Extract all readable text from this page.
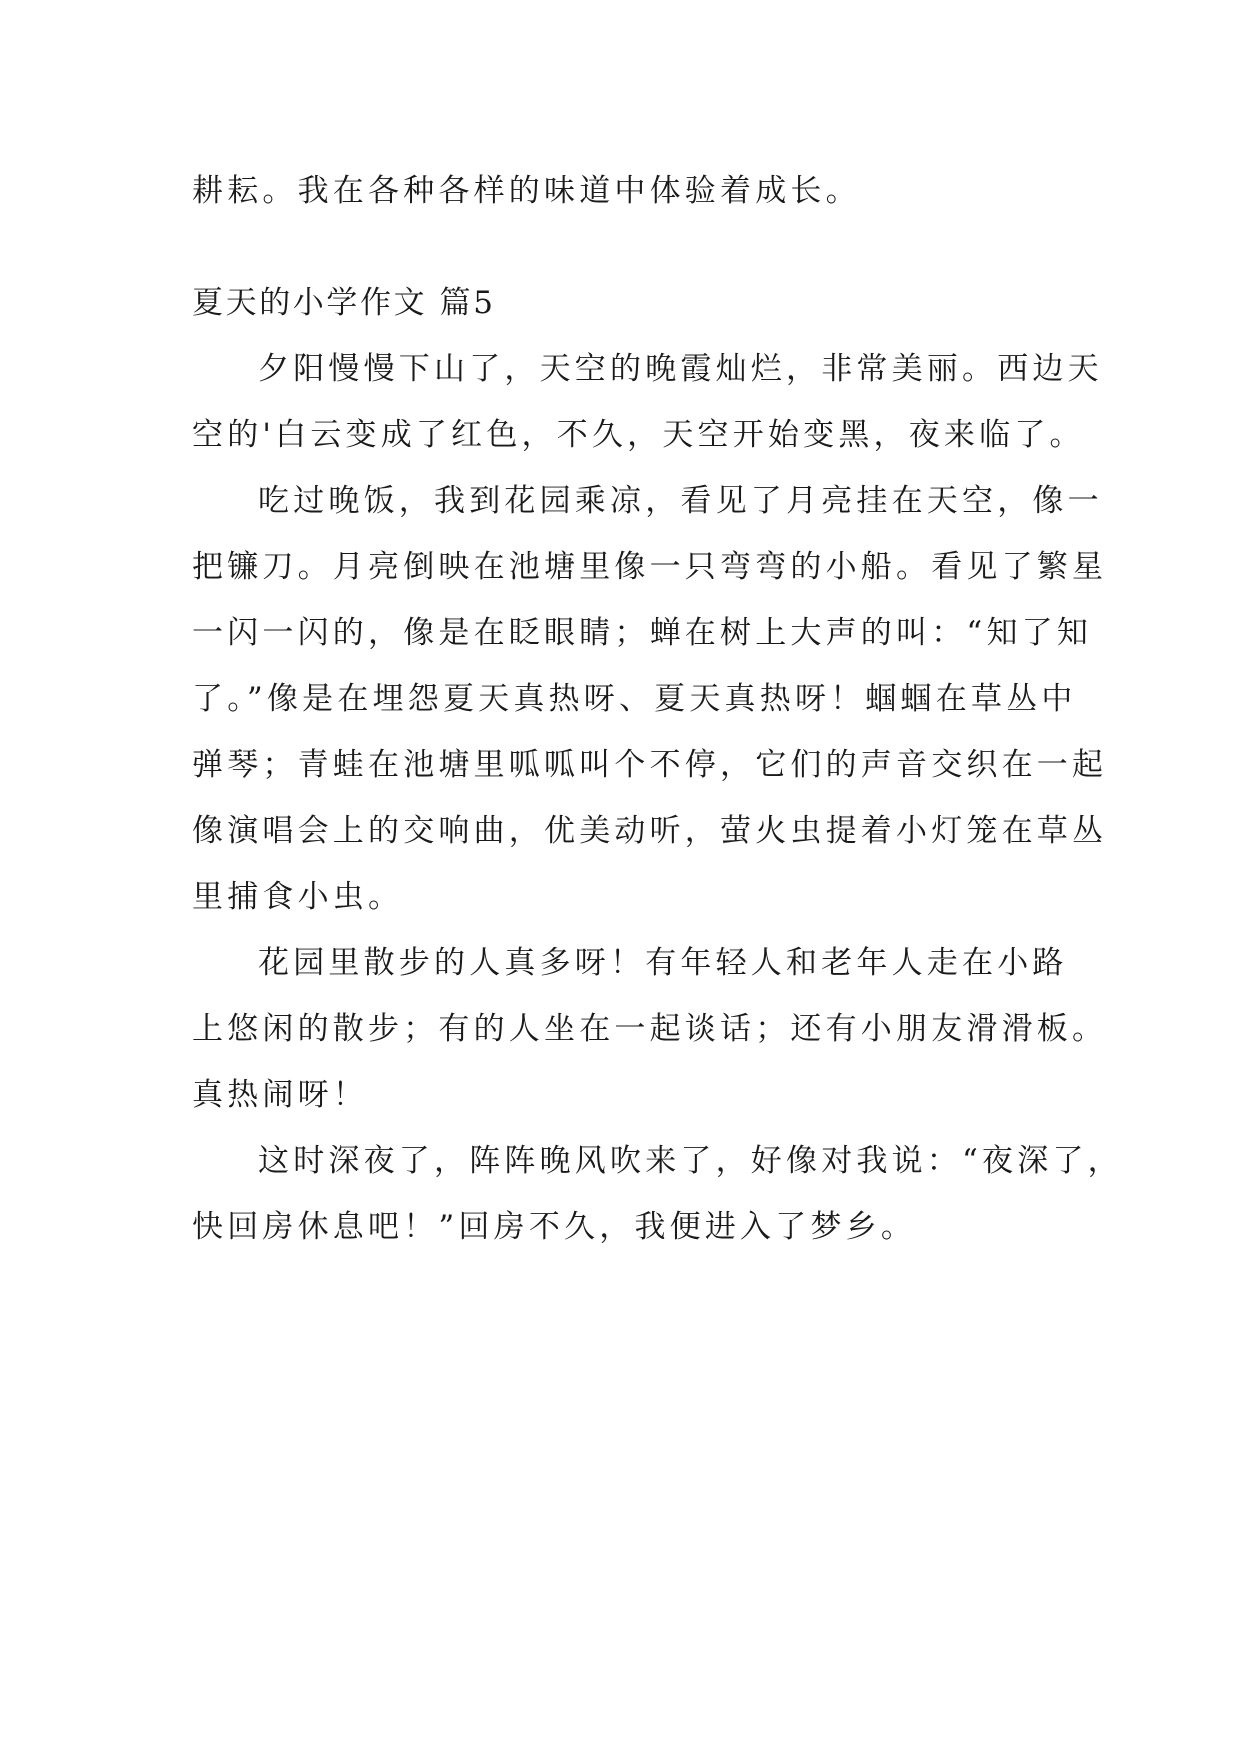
耕耘。我在各种各样的味道中体验着成长。
夏天的小学作文 篇5
夕阳慢慢下山了，天空的晚霞灿烂，非常美丽。西边天
空的'白云变成了红色，不久，天空开始变黑，夜来临了。
吃过晚饭，我到花园乘凉，看见了月亮挂在天空，像一
把镰刀。月亮倒映在池塘里像一只弯弯的小船。看见了繁星
一闪一闪的，像是在眨眼睛；蝉在树上大声的叫：“知了知
了。”像是在埋怨夏天真热呀、夏天真热呀！蝈蝈在草丛中
弹琴；青蛙在池塘里呱呱叫个不停，它们的声音交织在一起
像演唱会上的交响曲，优美动听，萤火虫提着小灯笼在草丛
里捕食小虫。
花园里散步的人真多呀！有年轻人和老年人走在小路
上悠闲的散步；有的人坐在一起谈话；还有小朋友滑滑板。
真热闹呀！
这时深夜了，阵阵晚风吹来了，好像对我说：“夜深了，
快回房休息吧！”回房不久，我便进入了梦乡。
